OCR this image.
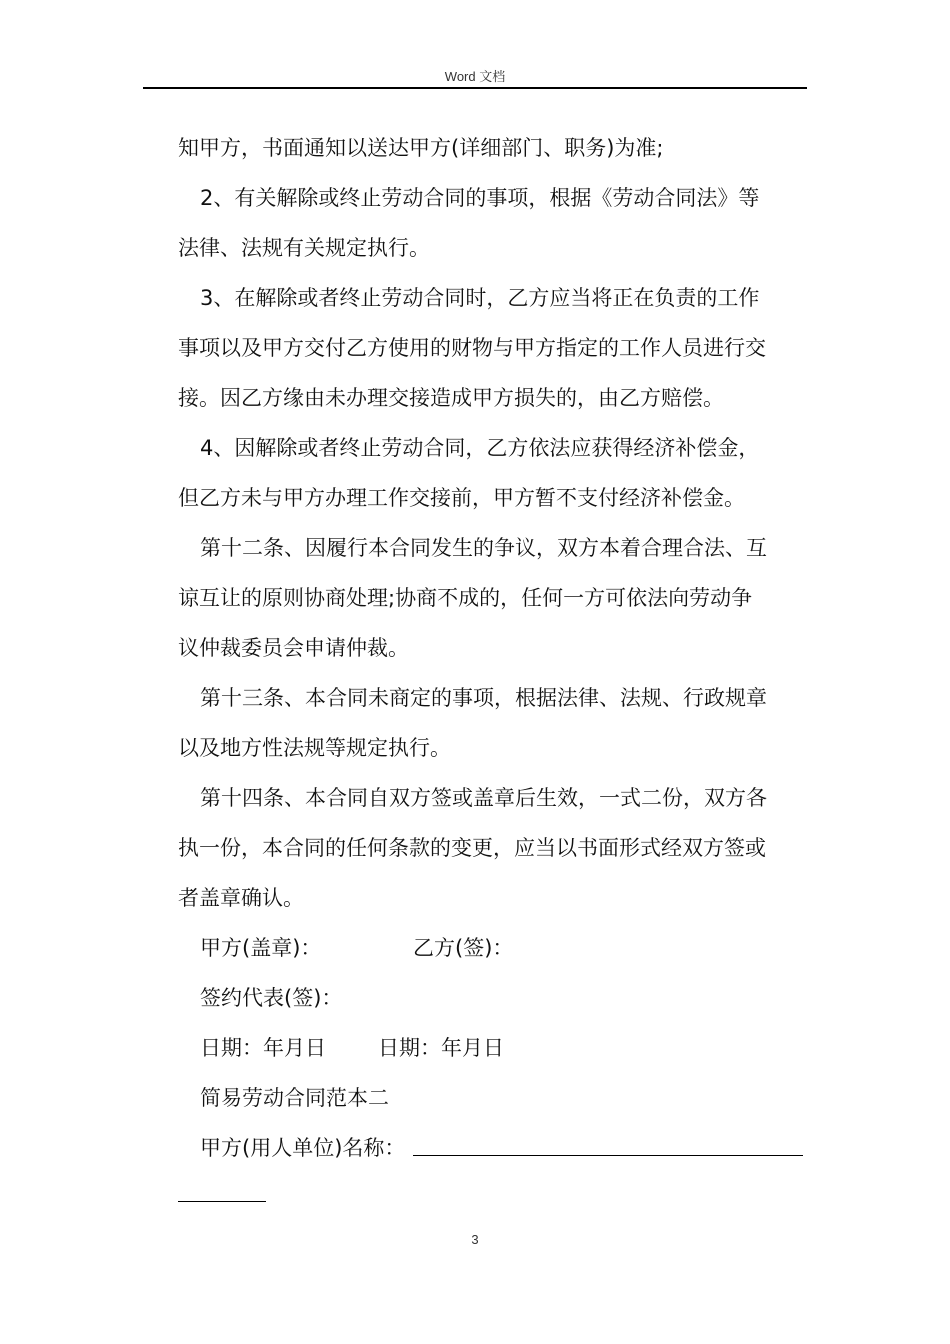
Word 文档
知甲方，书面通知以送达甲方(详细部门、职务)为准;
2、有关解除或终止劳动合同的事项，根据《劳动合同法》等
法律、法规有关规定执行。
3、在解除或者终止劳动合同时，乙方应当将正在负责的工作
事项以及甲方交付乙方使用的财物与甲方指定的工作人员进行交
接。因乙方缘由未办理交接造成甲方损失的，由乙方赔偿。
4、因解除或者终止劳动合同，乙方依法应获得经济补偿金，
但乙方未与甲方办理工作交接前，甲方暂不支付经济补偿金。
第十二条、因履行本合同发生的争议，双方本着合理合法、互
谅互让的原则协商处理;协商不成的，任何一方可依法向劳动争
议仲裁委员会申请仲裁。
第十三条、本合同未商定的事项，根据法律、法规、行政规章
以及地方性法规等规定执行。
第十四条、本合同自双方签或盖章后生效，一式二份，双方各
执一份，本合同的任何条款的变更，应当以书面形式经双方签或
者盖章确认。
甲方(盖章)：	乙方(签)：
签约代表(签)：
日期：年月日 日期：年月日
简易劳动合同范本二
甲方(用人单位)名称：
3
